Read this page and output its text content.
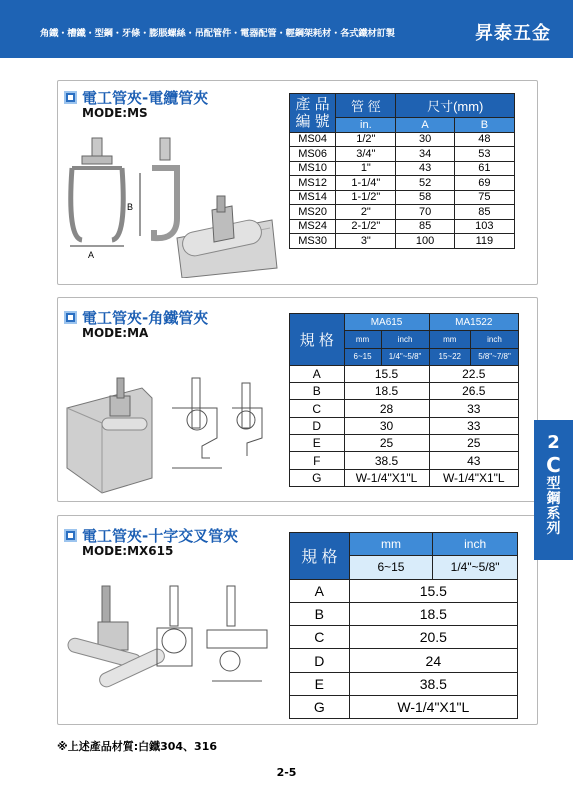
角鐵・槽鐵・型鋼・牙條・膨脹螺絲・吊配管件・電器配管・輕鋼架耗材・各式鐵材訂製	昇泰五金
電工管夾-電纜管夾
MODE:MS
A
B
產 品
編 號	管 徑	尺寸(mm)	
	in.	A	B
MS04	1/2"	30	48
MS06	3/4"	34	53
MS10	1"	43	61
MS12	1-1/4"	52	69
MS14	1-1/2"	58	75
MS20	2"	70	85
MS24	2-1/2"	85	103
MS30	3"	100	119
電工管夾-角鐵管夾
MODE:MA	規 格	MA615		MA1522	
	mm	inch	mm	inch
	6~15	1/4"~5/8"	15~22	5/8"~7/8"
A	15.5		22.5	
B	18.5		26.5	
C	28		33	
D	30		33	
E	25		25	
F	38.5		43	
G	W-1/4"X1"L		W-1/4"X1"L	
電工管夾-十字交叉管夾
MODE:MX615	規 格	mm	inch
	6~15	1/4"~5/8"
A	15.5	
B	18.5	
C	20.5	
D	24	
E	38.5	
G	W-1/4"X1"L	
2
C
型
鋼
系
列
※上述產品材質:白鐵304、316
2-5
